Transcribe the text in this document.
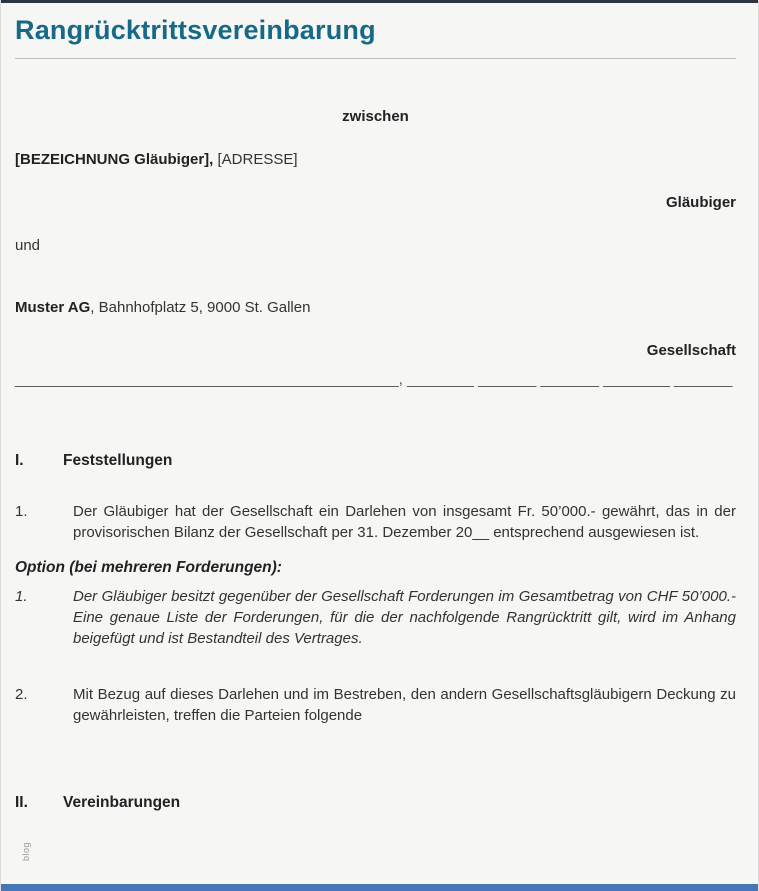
Rangrücktrittsvereinbarung

zwischen

[BEZEICHNUNG Gläubiger], [ADRESSE]

Gläubiger

und

Muster AG, Bahnhofplatz 5, 9000 St. Gallen

Gesellschaft

______________________________________________, ________ _______ _______ ________ _______

I.	Feststellungen
1.	Der Gläubiger hat der Gesellschaft ein Darlehen von insgesamt Fr. 50’000.- gewährt, das in der provisorischen Bilanz der Gesellschaft per 31. Dezember 20__ entsprechend ausgewiesen ist.

Option (bei mehreren Forderungen):

1.	Der Gläubiger besitzt gegenüber der Gesellschaft Forderungen im Gesamtbetrag von CHF 50’000.- Eine genaue Liste der Forderungen, für die der nachfolgende Rangrücktritt gilt, wird im Anhang beigefügt und ist Bestandteil des Vertrages.
2.	Mit Bezug auf dieses Darlehen und im Bestreben, den andern Gesellschaftsgläubigern Deckung zu gewährleisten, treffen die Parteien folgende
II.	Vereinbarungen
blog
